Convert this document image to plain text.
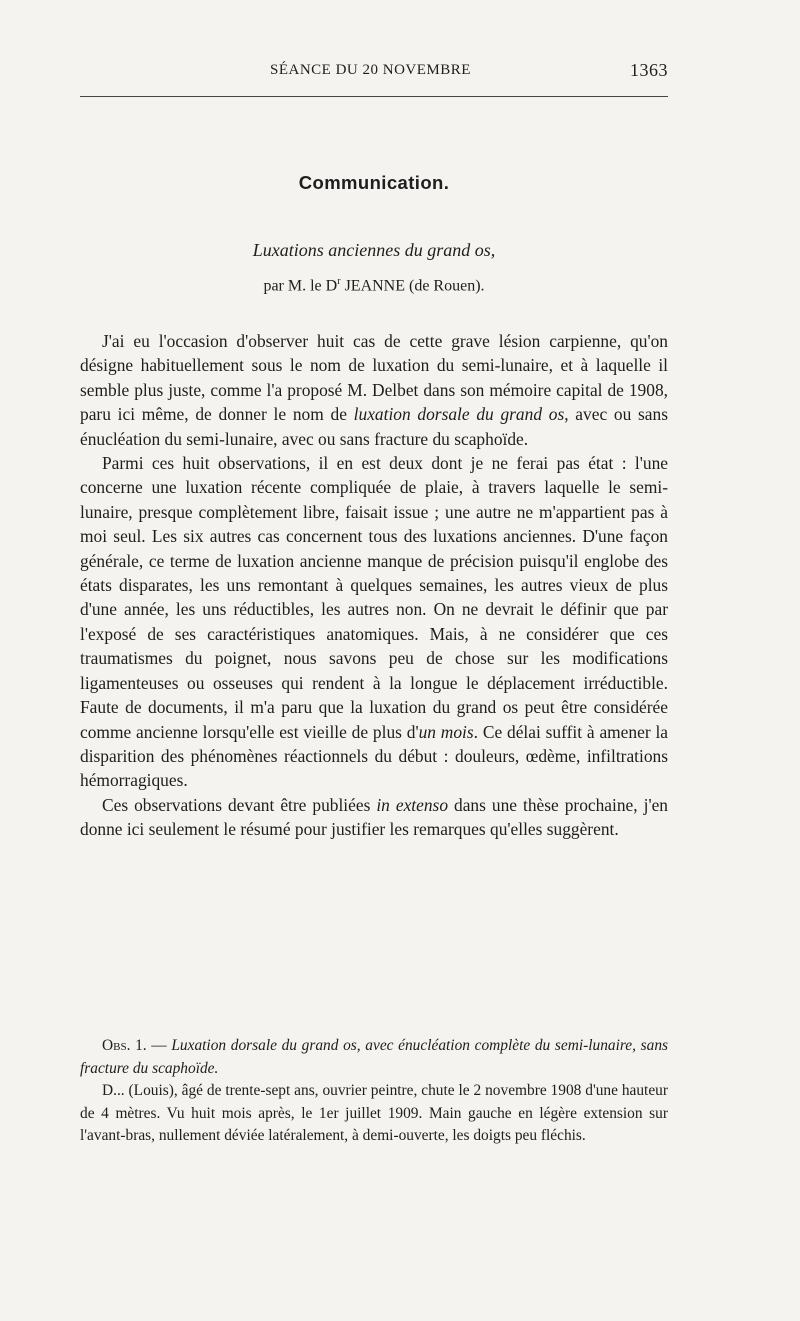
SÉANCE DU 20 NOVEMBRE	1363
Communication.
Luxations anciennes du grand os,
par M. le $D^r$ JEANNE (de Rouen).

J'ai eu l'occasion d'observer huit cas de cette grave lésion carpienne, qu'on désigne habituellement sous le nom de luxation du semi-lunaire, et à laquelle il semble plus juste, comme l'a proposé M. Delbet dans son mémoire capital de 1908, paru ici même, de donner le nom de luxation dorsale du grand os, avec ou sans énucléation du semi-lunaire, avec ou sans fracture du scaphoïde.

Parmi ces huit observations, il en est deux dont je ne ferai pas état : l'une concerne une luxation récente compliquée de plaie, à travers laquelle le semi-lunaire, presque complètement libre, faisait issue ; une autre ne m'appartient pas à moi seul. Les six autres cas concernent tous des luxations anciennes. D'une façon générale, ce terme de luxation ancienne manque de précision puisqu'il englobe des états disparates, les uns remontant à quelques semaines, les autres vieux de plus d'une année, les uns réductibles, les autres non. On ne devrait le définir que par l'exposé de ses caractéristiques anatomiques. Mais, à ne considérer que ces traumatismes du poignet, nous savons peu de chose sur les modifications ligamenteuses ou osseuses qui rendent à la longue le déplacement irréductible. Faute de documents, il m'a paru que la luxation du grand os peut être considérée comme ancienne lorsqu'elle est vieille de plus d'un mois. Ce délai suffit à amener la disparition des phénomènes réactionnels du début : douleurs, œdème, infiltrations hémorragiques.

Ces observations devant être publiées in extenso dans une thèse prochaine, j'en donne ici seulement le résumé pour justifier les remarques qu'elles suggèrent.

Obs. 1. — Luxation dorsale du grand os, avec énucléation complète du semi-lunaire, sans fracture du scaphoïde.

D... (Louis), âgé de trente-sept ans, ouvrier peintre, chute le 2 novembre 1908 d'une hauteur de 4 mètres. Vu huit mois après, le 1er juillet 1909. Main gauche en légère extension sur l'avant-bras, nullement déviée latéralement, à demi-ouverte, les doigts peu fléchis.
